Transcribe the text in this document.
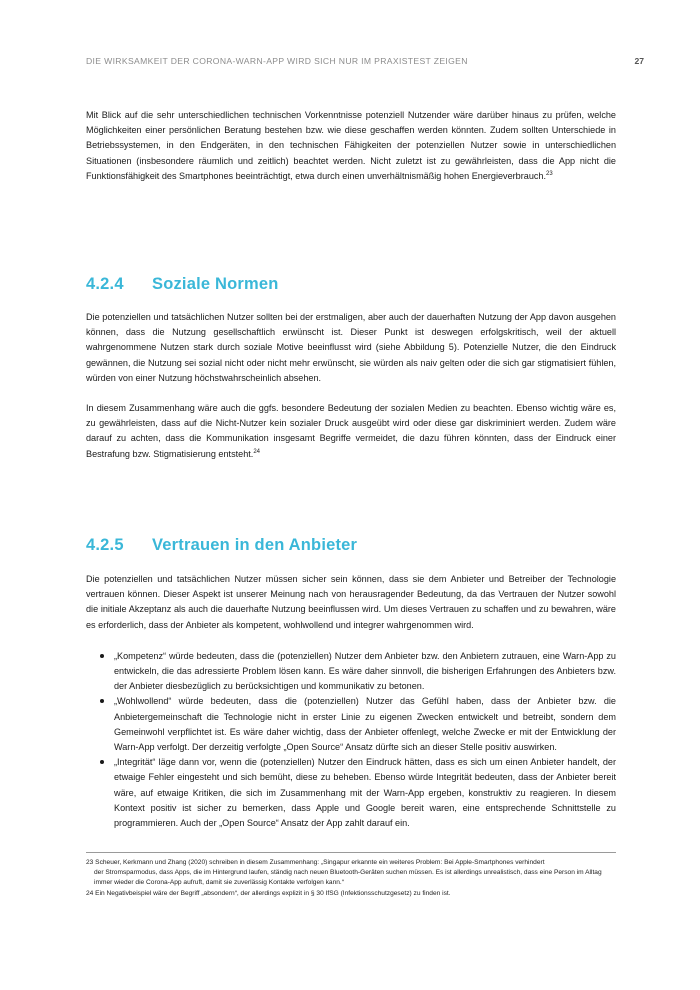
DIE WIRKSAMKEIT DER CORONA-WARN-APP WIRD SICH NUR IM PRAXISTEST ZEIGEN	27

Mit Blick auf die sehr unterschiedlichen technischen Vorkenntnisse potenziell Nutzender wäre darüber hinaus zu prüfen, welche Möglichkeiten einer persönlichen Beratung bestehen bzw. wie diese geschaffen werden könnten. Zudem sollten Unterschiede in Betriebssystemen, in den Endgeräten, in den technischen Fähigkeiten der potenziellen Nutzer sowie in unterschiedlichen Situationen (insbesondere räumlich und zeitlich) beachtet werden. Nicht zuletzt ist zu gewährleisten, dass die App nicht die Funktionsfähigkeit des Smartphones beeinträchtigt, etwa durch einen unverhältnismäßig hohen Energieverbrauch.$^{23}$

4.2.4 Soziale Normen

Die potenziellen und tatsächlichen Nutzer sollten bei der erstmaligen, aber auch der dauerhaften Nutzung der App davon ausgehen können, dass die Nutzung gesellschaftlich erwünscht ist. Dieser Punkt ist deswegen erfolgskritisch, weil der aktuell wahrgenommene Nutzen stark durch soziale Motive beeinflusst wird (siehe Abbildung 5). Potenzielle Nutzer, die den Eindruck gewännen, die Nutzung sei sozial nicht oder nicht mehr erwünscht, sie würden als naiv gelten oder die sich gar stigmatisiert fühlen, würden von einer Nutzung höchstwahrscheinlich absehen.

In diesem Zusammenhang wäre auch die ggfs. besondere Bedeutung der sozialen Medien zu beachten. Ebenso wichtig wäre es, zu gewährleisten, dass auf die Nicht-Nutzer kein sozialer Druck ausgeübt wird oder diese gar diskriminiert werden. Zudem wäre darauf zu achten, dass die Kommunikation insgesamt Begriffe vermeidet, die dazu führen könnten, dass der Eindruck einer Bestrafung bzw. Stigmatisierung entsteht.$^{24}$

4.2.5 Vertrauen in den Anbieter

Die potenziellen und tatsächlichen Nutzer müssen sicher sein können, dass sie dem Anbieter und Betreiber der Technologie vertrauen können. Dieser Aspekt ist unserer Meinung nach von herausragender Bedeutung, da das Vertrauen der Nutzer sowohl die initiale Akzeptanz als auch die dauerhafte Nutzung beeinflussen wird. Um dieses Vertrauen zu schaffen und zu bewahren, wäre es erforderlich, dass der Anbieter als kompetent, wohlwollend und integrer wahrgenommen wird.

„Kompetenz“ würde bedeuten, dass die (potenziellen) Nutzer dem Anbieter bzw. den Anbietern zutrauen, eine Warn-App zu entwickeln, die das adressierte Problem lösen kann. Es wäre daher sinnvoll, die bisherigen Erfahrungen des Anbieters bzw. der Anbieter diesbezüglich zu berücksichtigen und kommunikativ zu betonen.
„Wohlwollend“ würde bedeuten, dass die (potenziellen) Nutzer das Gefühl haben, dass der Anbieter bzw. die Anbietergemeinschaft die Technologie nicht in erster Linie zu eigenen Zwecken entwickelt und betreibt, sondern dem Gemeinwohl verpflichtet ist. Es wäre daher wichtig, dass der Anbieter offenlegt, welche Zwecke er mit der Entwicklung der Warn-App verfolgt. Der derzeitig verfolgte „Open Source“ Ansatz dürfte sich an dieser Stelle positiv auswirken.
„Integrität“ läge dann vor, wenn die (potenziellen) Nutzer den Eindruck hätten, dass es sich um einen Anbieter handelt, der etwaige Fehler eingesteht und sich bemüht, diese zu beheben. Ebenso würde Integrität bedeuten, dass der Anbieter bereit wäre, auf etwaige Kritiken, die sich im Zusammenhang mit der Warn-App ergeben, konstruktiv zu reagieren. In diesem Kontext positiv ist sicher zu bemerken, dass Apple und Google bereit waren, eine entsprechende Schnittstelle zu programmieren. Auch der „Open Source“ Ansatz der App zahlt darauf ein.
23 Scheuer, Kerkmann und Zhang (2020) schreiben in diesem Zusammenhang: „Singapur erkannte ein weiteres Problem: Bei Apple-Smartphones verhindert
der Stromsparmodus, dass Apps, die im Hintergrund laufen, ständig nach neuen Bluetooth-Geräten suchen müssen. Es ist allerdings unrealistisch, dass eine Person im Alltag immer wieder die Corona-App aufruft, damit sie zuverlässig Kontakte verfolgen kann.“
24 Ein Negativbeispiel wäre der Begriff „absondern“, der allerdings explizit in § 30 IfSG (Infektionsschutzgesetz) zu finden ist.
